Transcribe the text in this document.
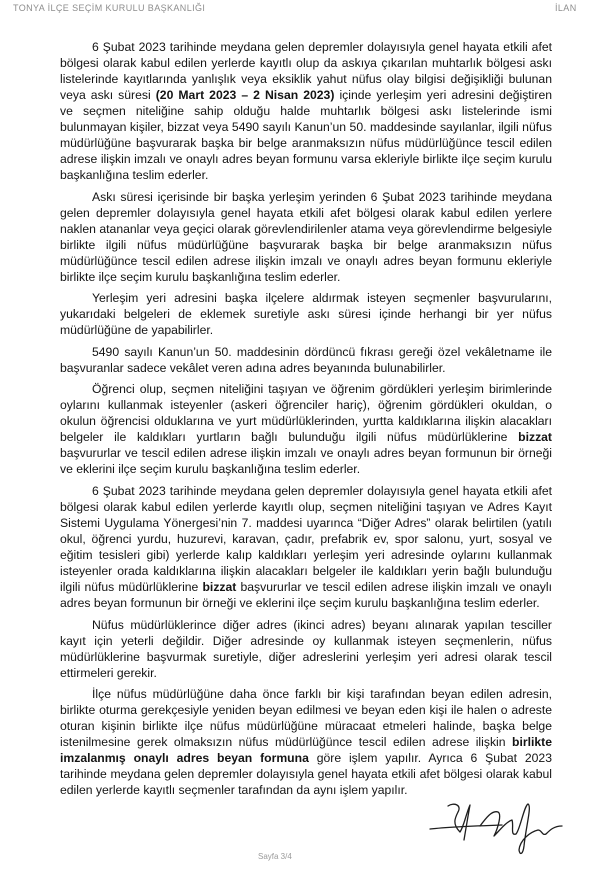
TONYA İLÇE SEÇİM KURULU BAŞKANLIĞI	İLAN
6 Şubat 2023 tarihinde meydana gelen depremler dolayısıyla genel hayata etkili afet
bölgesi olarak kabul edilen yerlerde kayıtlı olup da askıya çıkarılan muhtarlık bölgesi askı
listelerinde kayıtlarında yanlışlık veya eksiklik yahut nüfus olay bilgisi değişikliği bulunan
veya askı süresi (20 Mart 2023 – 2 Nisan 2023) içinde yerleşim yeri adresini değiştiren
ve seçmen niteliğine sahip olduğu halde muhtarlık bölgesi askı listelerinde ismi
bulunmayan kişiler, bizzat veya 5490 sayılı Kanun’un 50. maddesinde sayılanlar, ilgili nüfus
müdürlüğüne başvurarak başka bir belge aranmaksızın nüfus müdürlüğünce tescil edilen
adrese ilişkin imzalı ve onaylı adres beyan formunu varsa ekleriyle birlikte ilçe seçim kurulu
başkanlığına teslim ederler.
Askı süresi içerisinde bir başka yerleşim yerinden 6 Şubat 2023 tarihinde meydana
gelen depremler dolayısıyla genel hayata etkili afet bölgesi olarak kabul edilen yerlere
naklen atananlar veya geçici olarak görevlendirilenler atama veya görevlendirme belgesiyle
birlikte ilgili nüfus müdürlüğüne başvurarak başka bir belge aranmaksızın nüfus
müdürlüğünce tescil edilen adrese ilişkin imzalı ve onaylı adres beyan formunu ekleriyle
birlikte ilçe seçim kurulu başkanlığına teslim ederler.
Yerleşim yeri adresini başka ilçelere aldırmak isteyen seçmenler başvurularını,
yukarıdaki belgeleri de eklemek suretiyle askı süresi içinde herhangi bir yer nüfus
müdürlüğüne de yapabilirler.
5490 sayılı Kanun’un 50. maddesinin dördüncü fıkrası gereği özel vekâletname ile
başvuranlar sadece vekâlet veren adına adres beyanında bulunabilirler.
Öğrenci olup, seçmen niteliğini taşıyan ve öğrenim gördükleri yerleşim birimlerinde
oylarını kullanmak isteyenler (askeri öğrenciler hariç), öğrenim gördükleri okuldan, o
okulun öğrencisi olduklarına ve yurt müdürlüklerinden, yurtta kaldıklarına ilişkin alacakları
belgeler ile kaldıkları yurtların bağlı bulunduğu ilgili nüfus müdürlüklerine bizzat
başvururlar ve tescil edilen adrese ilişkin imzalı ve onaylı adres beyan formunun bir örneği
ve eklerini ilçe seçim kurulu başkanlığına teslim ederler.
6 Şubat 2023 tarihinde meydana gelen depremler dolayısıyla genel hayata etkili afet
bölgesi olarak kabul edilen yerlerde kayıtlı olup, seçmen niteliğini taşıyan ve Adres Kayıt
Sistemi Uygulama Yönergesi’nin 7. maddesi uyarınca “Diğer Adres” olarak belirtilen (yatılı
okul, öğrenci yurdu, huzurevi, karavan, çadır, prefabrik ev, spor salonu, yurt, sosyal ve
eğitim tesisleri gibi) yerlerde kalıp kaldıkları yerleşim yeri adresinde oylarını kullanmak
isteyenler orada kaldıklarına ilişkin alacakları belgeler ile kaldıkları yerin bağlı bulunduğu
ilgili nüfus müdürlüklerine bizzat başvururlar ve tescil edilen adrese ilişkin imzalı ve onaylı
adres beyan formunun bir örneği ve eklerini ilçe seçim kurulu başkanlığına teslim ederler.
Nüfus müdürlüklerince diğer adres (ikinci adres) beyanı alınarak yapılan tesciller
kayıt için yeterli değildir. Diğer adresinde oy kullanmak isteyen seçmenlerin, nüfus
müdürlüklerine başvurmak suretiyle, diğer adreslerini yerleşim yeri adresi olarak tescil
ettirmeleri gerekir.
İlçe nüfus müdürlüğüne daha önce farklı bir kişi tarafından beyan edilen adresin,
birlikte oturma gerekçesiyle yeniden beyan edilmesi ve beyan eden kişi ile halen o adreste
oturan kişinin birlikte ilçe nüfus müdürlüğüne müracaat etmeleri halinde, başka belge
istenilmesine gerek olmaksızın nüfus müdürlüğünce tescil edilen adrese ilişkin birlikte
imzalanmış onaylı adres beyan formuna göre işlem yapılır. Ayrıca 6 Şubat 2023
tarihinde meydana gelen depremler dolayısıyla genel hayata etkili afet bölgesi olarak kabul
edilen yerlerde kayıtlı seçmenler tarafından da aynı işlem yapılır.
Sayfa 3/4
